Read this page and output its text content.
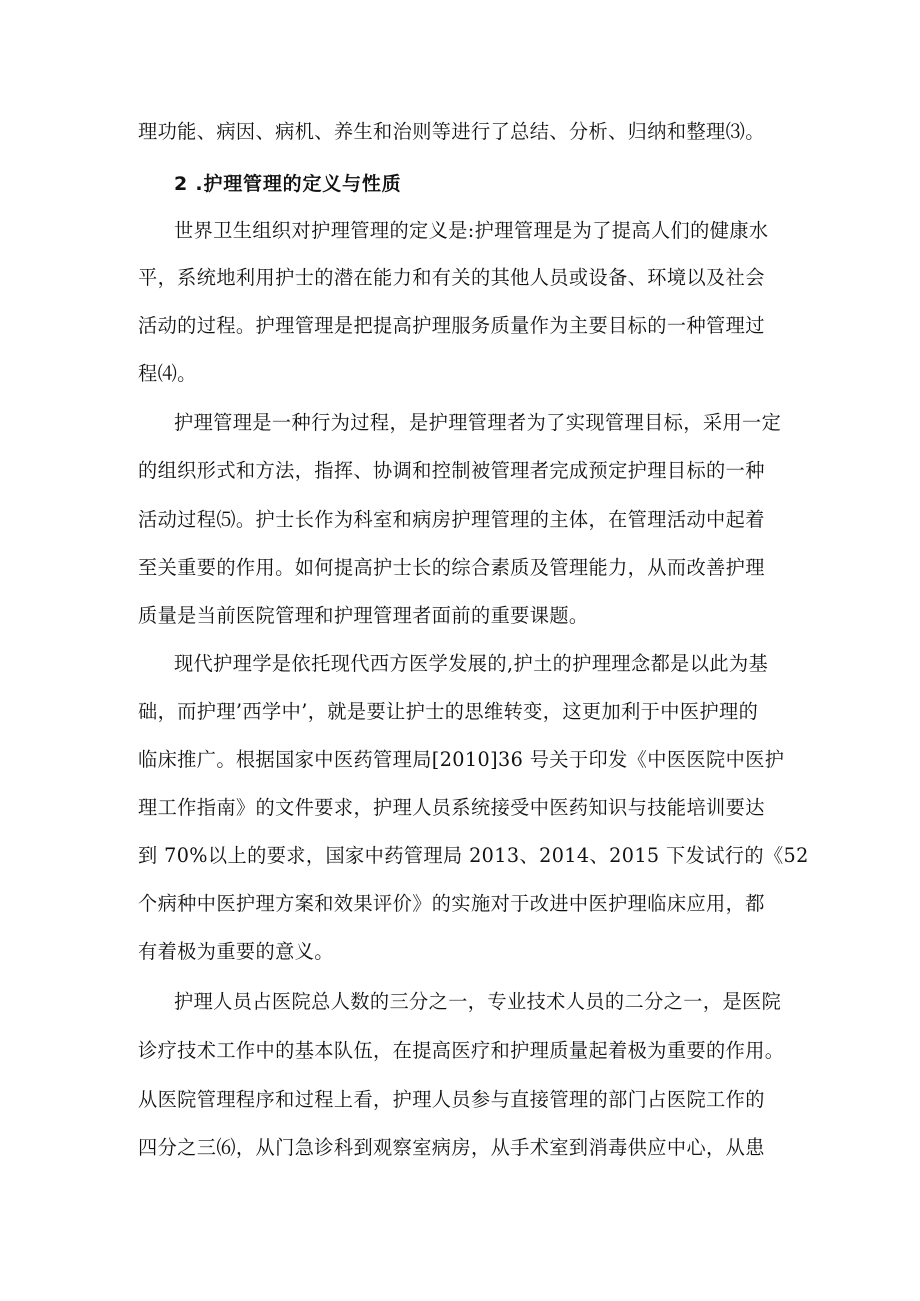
理功能、病因、病机、养生和治则等进行了总结、分析、归纳和整理⑶。
2 .护理管理的定义与性质
世界卫生组织对护理管理的定义是:护理管理是为了提高人们的健康水
平，系统地利用护士的潜在能力和有关的其他人员或设备、环境以及社会
活动的过程。护理管理是把提高护理服务质量作为主要目标的一种管理过
程⑷。
护理管理是一种行为过程，是护理管理者为了实现管理目标，采用一定
的组织形式和方法，指挥、协调和控制被管理者完成预定护理目标的一种
活动过程⑸。护士长作为科室和病房护理管理的主体，在管理活动中起着
至关重要的作用。如何提高护士长的综合素质及管理能力，从而改善护理
质量是当前医院管理和护理管理者面前的重要课题。
现代护理学是依托现代西方医学发展的,护土的护理理念都是以此为基
础，而护理’西学中’，就是要让护士的思维转变，这更加利于中医护理的
临床推广。根据国家中医药管理局[2010]36 号关于印发《中医医院中医护
理工作指南》的文件要求，护理人员系统接受中医药知识与技能培训要达
到 70%以上的要求，国家中药管理局 2013、2014、2015 下发试行的《52
个病种中医护理方案和效果评价》的实施对于改进中医护理临床应用，都
有着极为重要的意义。
护理人员占医院总人数的三分之一，专业技术人员的二分之一，是医院
诊疗技术工作中的基本队伍，在提高医疗和护理质量起着极为重要的作用。
从医院管理程序和过程上看，护理人员参与直接管理的部门占医院工作的
四分之三⑹，从门急诊科到观察室病房，从手术室到消毒供应中心，从患
